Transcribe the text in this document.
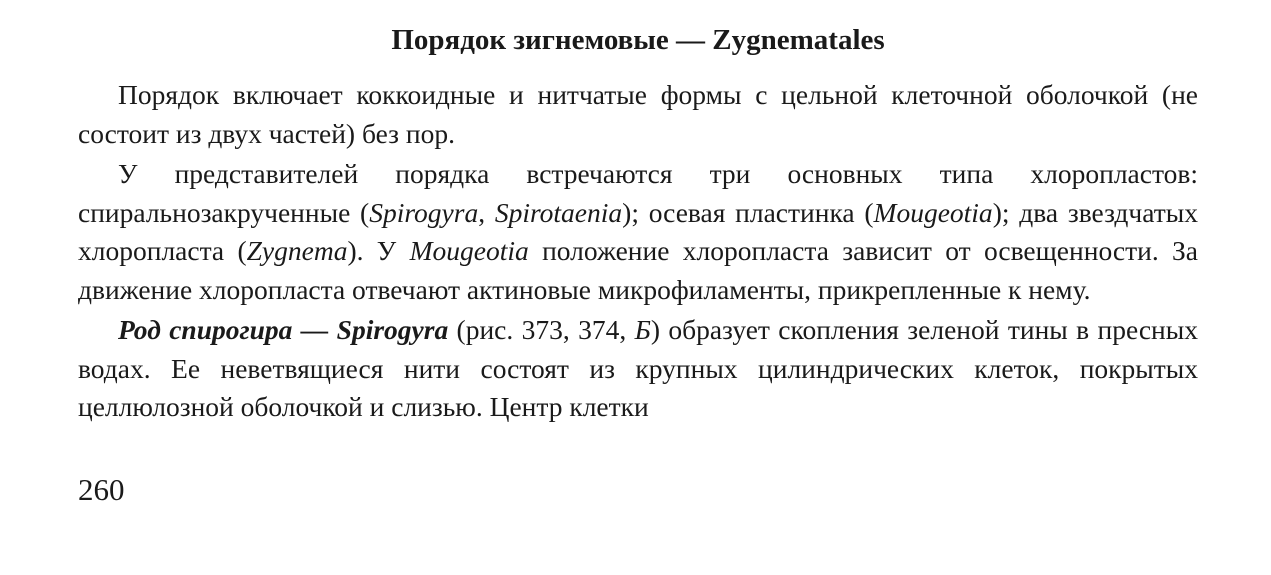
Порядок зигнемовые — Zygnematales

Порядок включает коккоидные и нитчатые формы с цельной клеточной оболочкой (не состоит из двух частей) без пор.

У представителей порядка встречаются три основных типа хлоропластов: спиральнозакрученные (Spirogyra, Spirotaenia); осевая пластинка (Mougeotia); два звездчатых хлоропласта (Zygnema). У Mougeotia положение хлоропласта зависит от освещенности. За движение хлоропласта отвечают актиновые микрофиламенты, прикрепленные к нему.

Род спирогира — Spirogyra (рис. 373, 374, Б) образует скопления зеленой тины в пресных водах. Ее неветвящиеся нити состоят из крупных цилиндрических клеток, покрытых целлюлозной оболочкой и слизью. Центр клетки

260
